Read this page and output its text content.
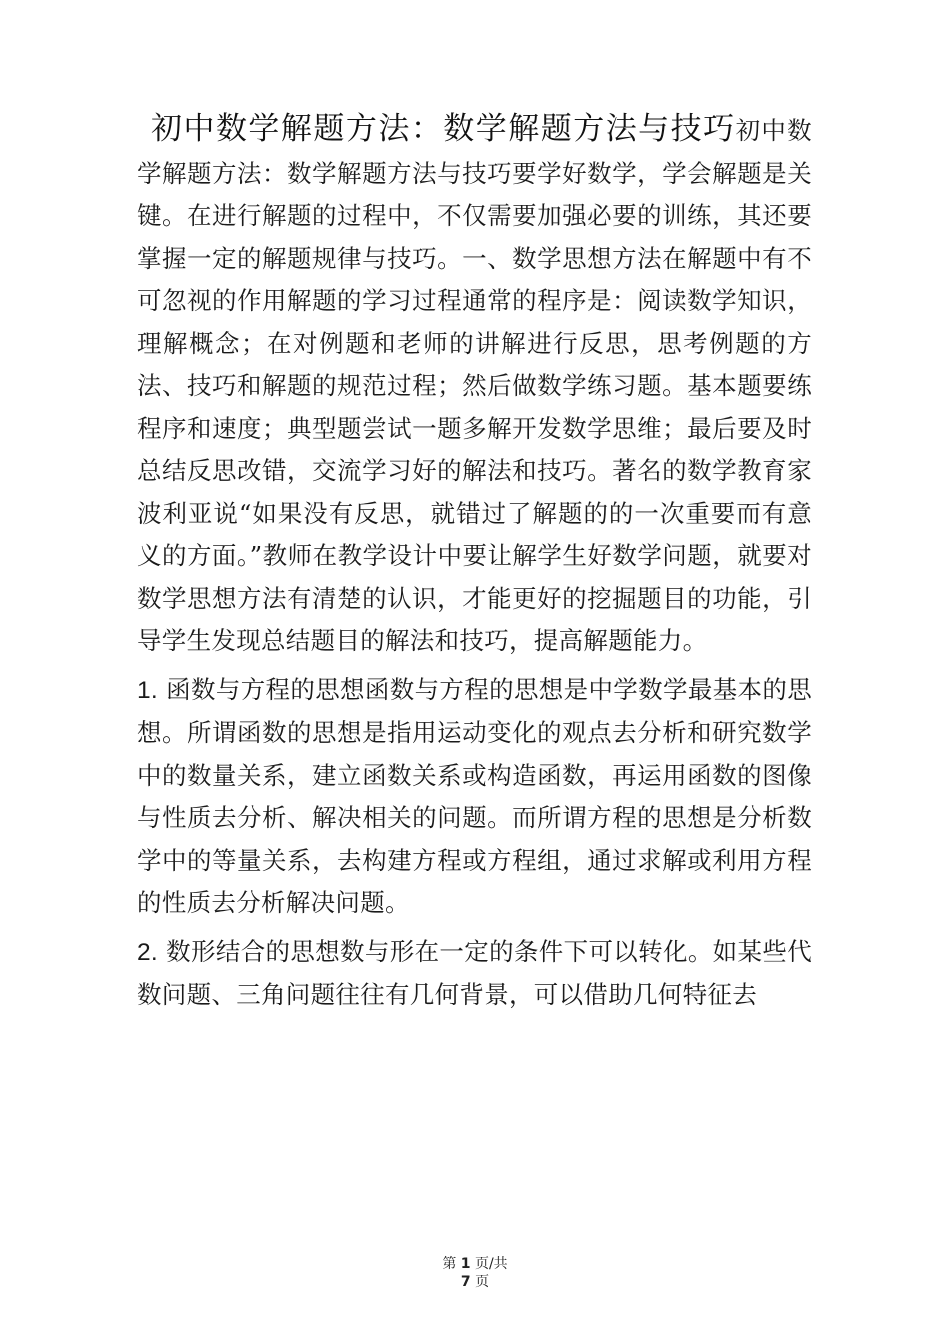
初中数学解题方法：数学解题方法与技巧初中数学解题方法：数学解题方法与技巧要学好数学，学会解题是关键。在进行解题的过程中，不仅需要加强必要的训练，其还要掌握一定的解题规律与技巧。一、数学思想方法在解题中有不可忽视的作用解题的学习过程通常的程序是：阅读数学知识，理解概念；在对例题和老师的讲解进行反思，思考例题的方法、技巧和解题的规范过程；然后做数学练习题。基本题要练程序和速度；典型题尝试一题多解开发数学思维；最后要及时总结反思改错，交流学习好的解法和技巧。著名的数学教育家波利亚说“如果没有反思，就错过了解题的的一次重要而有意义的方面。”教师在教学设计中要让解学生好数学问题，就要对数学思想方法有清楚的认识，才能更好的挖掘题目的功能，引导学生发现总结题目的解法和技巧，提高解题能力。

1. 函数与方程的思想函数与方程的思想是中学数学最基本的思想。所谓函数的思想是指用运动变化的观点去分析和研究数学中的数量关系，建立函数关系或构造函数，再运用函数的图像与性质去分析、解决相关的问题。而所谓方程的思想是分析数学中的等量关系，去构建方程或方程组，通过求解或利用方程的性质去分析解决问题。

2. 数形结合的思想数与形在一定的条件下可以转化。如某些代数问题、三角问题往往有几何背景，可以借助几何特征去

第 1 页/共
7 页
